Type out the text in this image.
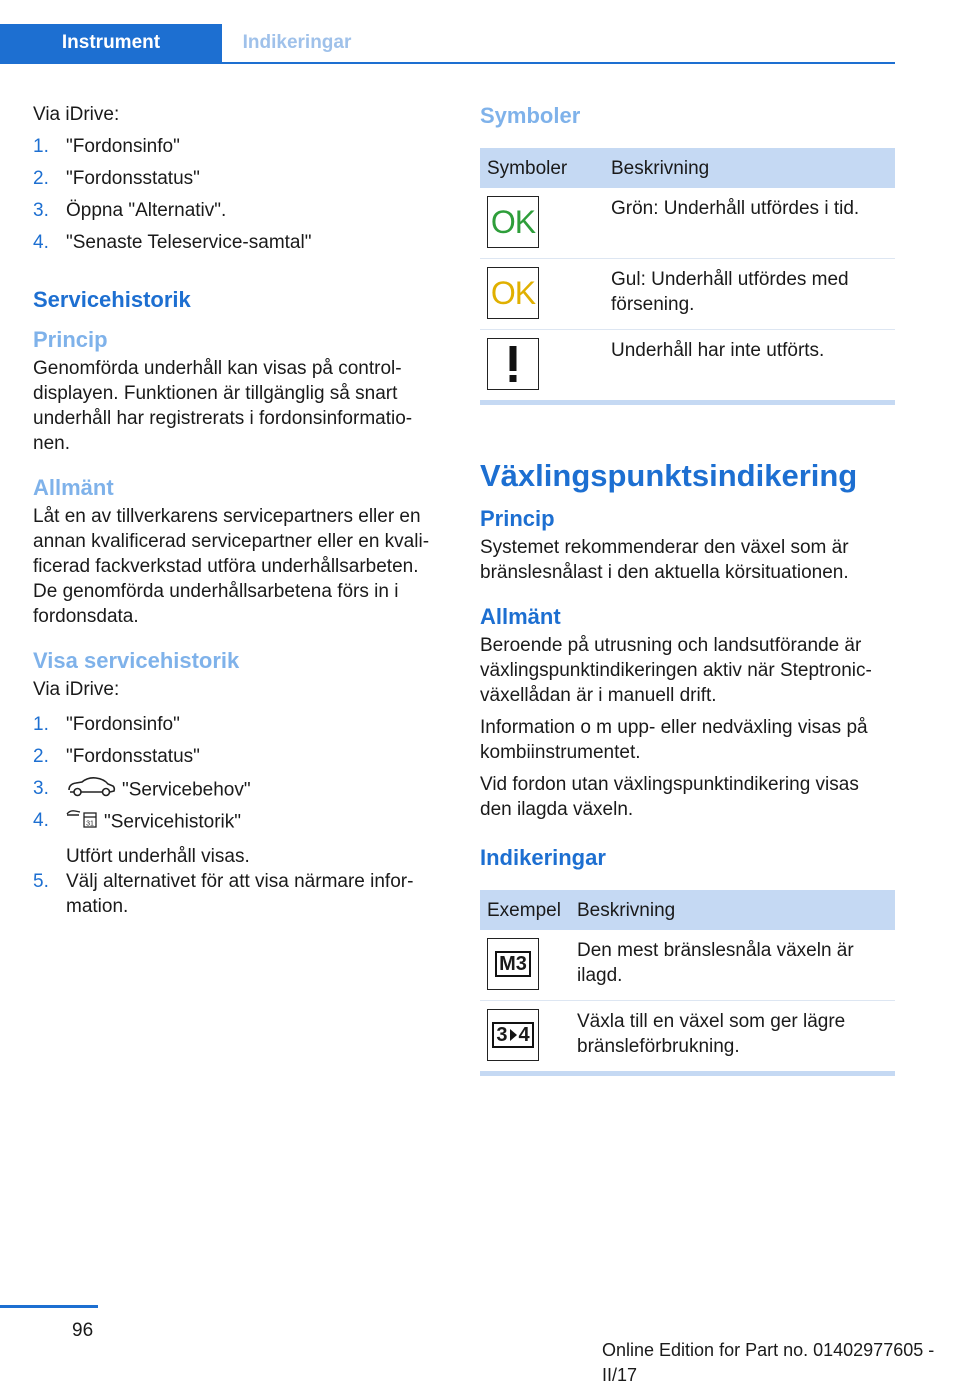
Instrument	Indikeringar

Via iDrive:

1. "Fordonsinfo"
2. "Fordonsstatus"
3. Öppna "Alternativ".
4. "Senaste Teleservice-samtal"
Servicehistorik
Princip

Genomförda underhåll kan visas på control-displayen. Funktionen är tillgänglig så snart underhåll har registrerats i fordonsinformatio-nen.

Allmänt

Låt en av tillverkarens servicepartners eller en annan kvalificerad servicepartner eller en kvali-ficerad fackverkstad utföra underhållsarbeten. De genomförda underhållsarbetena förs in i fordonsdata.

Visa servicehistorik

Via iDrive:

1. "Fordonsinfo"
2. "Fordonsstatus"
3.	"Servicebehov"
4.	31 "Servicehistorik"
Utfört underhåll visas.
5. Välj alternativet för att visa närmare infor-mation.
Symboler
Symboler	Beskrivning

OK	Grön: Underhåll utfördes i tid.

OK	Gul: Underhåll utfördes med försening.

	Underhåll har inte utförts.
Växlingspunktsindikering
Princip

Systemet rekommenderar den växel som är bränslesnålast i den aktuella körsituationen.

Allmänt

Beroende på utrusning och landsutförande är växlingspunktindikeringen aktiv när Steptronic-växellådan är i manuell drift.

Information o m upp- eller nedväxling visas på kombiinstrumentet.

Vid fordon utan växlingspunktindikering visas den ilagda växeln.

Indikeringar
Exempel	Beskrivning

M3	Den mest bränslesnåla växeln är ilagd.

3 4	Växla till en växel som ger lägre bränsleförbrukning.
96
Online Edition for Part no. 01402977605 - II/17
